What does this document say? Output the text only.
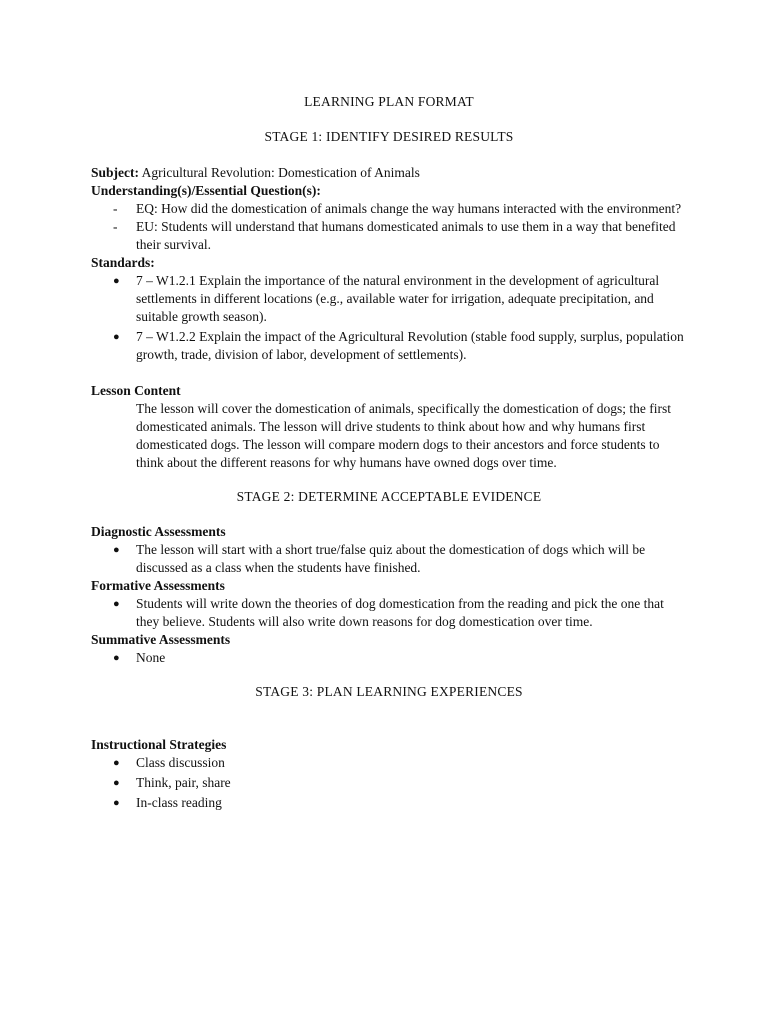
LEARNING PLAN FORMAT

STAGE 1: IDENTIFY DESIRED RESULTS

Subject: Agricultural Revolution: Domestication of Animals

Understanding(s)/Essential Question(s):

- EQ: How did the domestication of animals change the way humans interacted with the environment?
- EU: Students will understand that humans domesticated animals to use them in a way that benefited their survival.

Standards:

● 7 – W1.2.1 Explain the importance of the natural environment in the development of agricultural settlements in different locations (e.g., available water for irrigation, adequate precipitation, and suitable growth season).
● 7 – W1.2.2 Explain the impact of the Agricultural Revolution (stable food supply, surplus, population growth, trade, division of labor, development of settlements).

Lesson Content

The lesson will cover the domestication of animals, specifically the domestication of dogs; the first domesticated animals. The lesson will drive students to think about how and why humans first domesticated dogs. The lesson will compare modern dogs to their ancestors and force students to think about the different reasons for why humans have owned dogs over time.

STAGE 2: DETERMINE ACCEPTABLE EVIDENCE

Diagnostic Assessments

● The lesson will start with a short true/false quiz about the domestication of dogs which will be discussed as a class when the students have finished.

Formative Assessments

● Students will write down the theories of dog domestication from the reading and pick the one that they believe. Students will also write down reasons for dog domestication over time.

Summative Assessments

● None

STAGE 3: PLAN LEARNING EXPERIENCES

Instructional Strategies

● Class discussion
● Think, pair, share
● In-class reading
